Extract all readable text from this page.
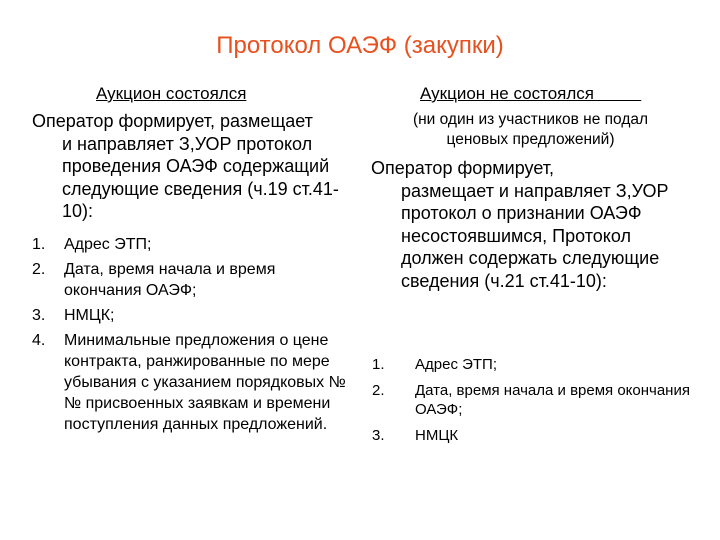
Протокол ОАЭФ (закупки)
Аукцион состоялся	Аукцион не состоялся
Оператор формирует, размещает
и направляет З,УОР протокол проведения ОАЭФ содержащий следующие сведения (ч.19 ст.41-10):
1. Адрес ЭТП;
2. Дата, время начала и время окончания ОАЭФ;
3. НМЦК;
4. Минимальные предложения о цене контракта, ранжированные по мере убывания с указанием порядковых №№ присвоенных заявкам и времени поступления данных предложений.
(ни один из участников не подал ценовых предложений)
Оператор формирует,
размещает и направляет З,УОР протокол о признании ОАЭФ несостоявшимся, Протокол должен содержать следующие сведения (ч.21 ст.41-10):
1. Адрес ЭТП;
2. Дата, время начала и время окончания ОАЭФ;
3. НМЦК
